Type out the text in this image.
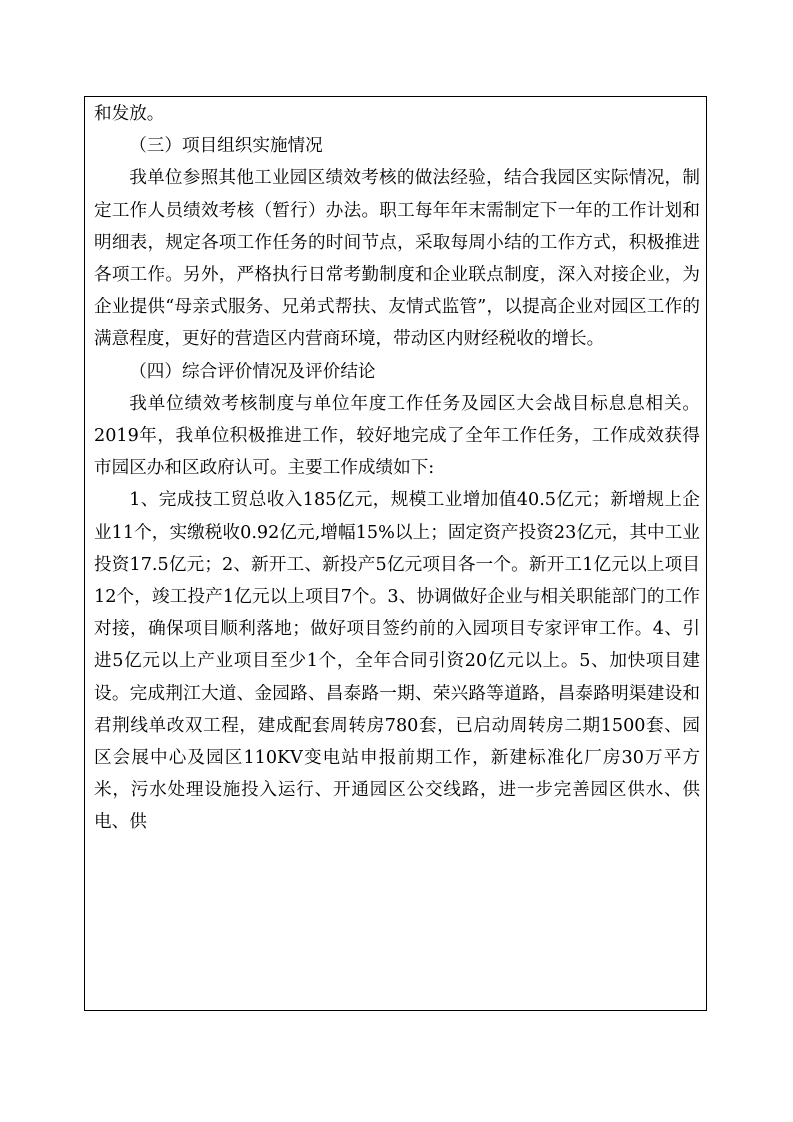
和发放。

（三）项目组织实施情况

我单位参照其他工业园区绩效考核的做法经验，结合我园区实际情况，制定工作人员绩效考核（暂行）办法。职工每年年末需制定下一年的工作计划和明细表，规定各项工作任务的时间节点，采取每周小结的工作方式，积极推进各项工作。另外，严格执行日常考勤制度和企业联点制度，深入对接企业，为企业提供“母亲式服务、兄弟式帮扶、友情式监管”，以提高企业对园区工作的满意程度，更好的营造区内营商环境，带动区内财经税收的增长。

（四）综合评价情况及评价结论

我单位绩效考核制度与单位年度工作任务及园区大会战目标息息相关。2019年，我单位积极推进工作，较好地完成了全年工作任务，工作成效获得市园区办和区政府认可。主要工作成绩如下:

1、完成技工贸总收入185亿元，规模工业增加值40.5亿元；新增规上企业11个，实缴税收0.92亿元,增幅15%以上；固定资产投资23亿元，其中工业投资17.5亿元；2、新开工、新投产5亿元项目各一个。新开工1亿元以上项目12个，竣工投产1亿元以上项目7个。3、协调做好企业与相关职能部门的工作对接，确保项目顺利落地；做好项目签约前的入园项目专家评审工作。4、引进5亿元以上产业项目至少1个，全年合同引资20亿元以上。5、加快项目建设。完成荆江大道、金园路、昌泰路一期、荣兴路等道路，昌泰路明渠建设和君荆线单改双工程，建成配套周转房780套，已启动周转房二期1500套、园区会展中心及园区110KV变电站申报前期工作，新建标准化厂房30万平方米，污水处理设施投入运行、开通园区公交线路，进一步完善园区供水、供电、供
